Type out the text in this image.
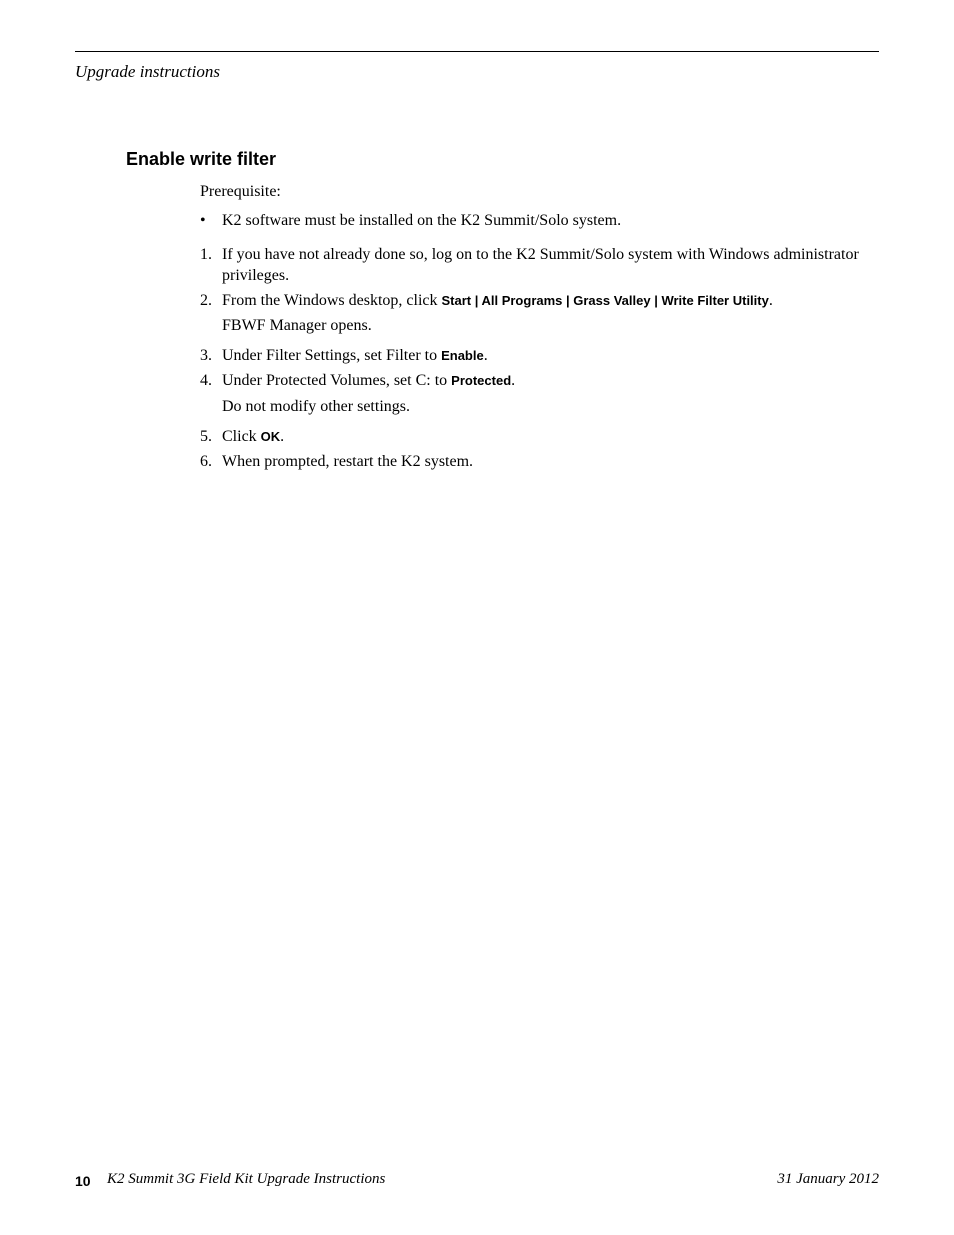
Upgrade instructions
Enable write filter
Prerequisite:
• K2 software must be installed on the K2 Summit/Solo system.
1. If you have not already done so, log on to the K2 Summit/Solo system with Windows administrator privileges.
2. From the Windows desktop, click Start | All Programs | Grass Valley | Write Filter Utility.
FBWF Manager opens.
3. Under Filter Settings, set Filter to Enable.
4. Under Protected Volumes, set C: to Protected.
Do not modify other settings.
5. Click OK.
6. When prompted, restart the K2 system.
10 K2 Summit 3G Field Kit Upgrade Instructions	31 January 2012
